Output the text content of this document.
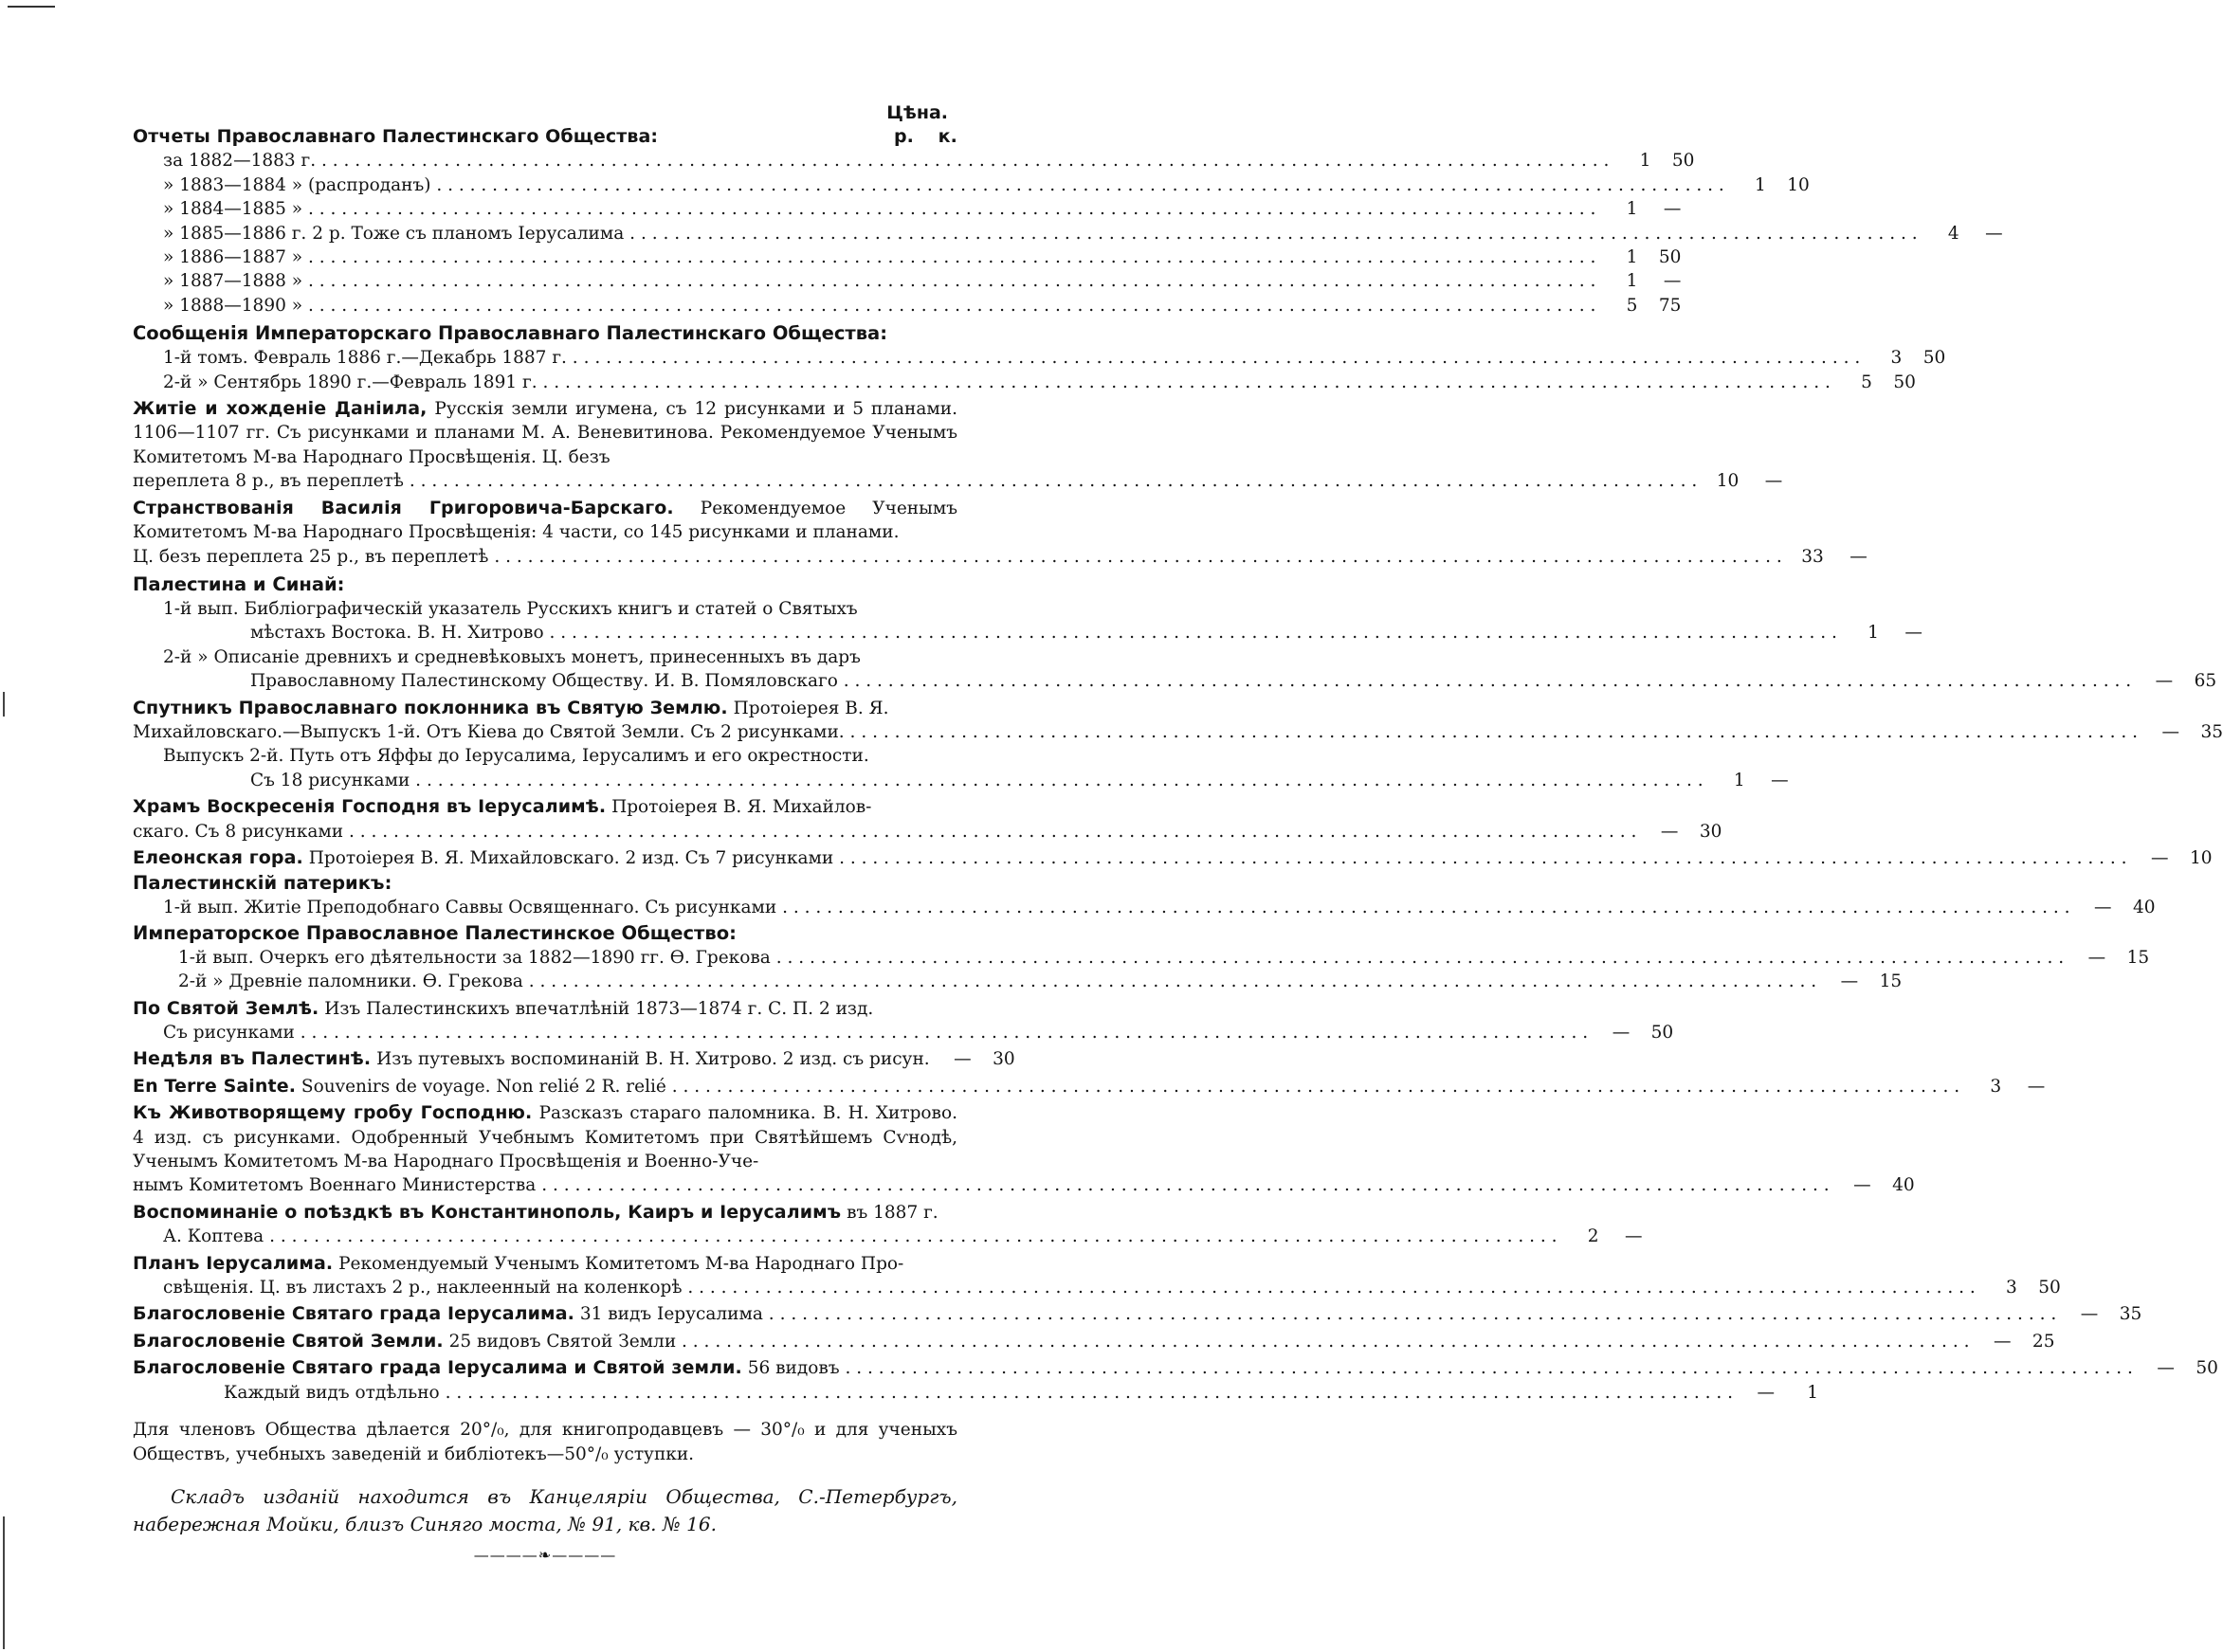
Цѣна.
Отчеты Православнаго Палестинскаго Общества:	р.	к.
за 1882—1883 г. . . .	1	50
» 1883—1884 » (распроданъ) . . .	1	10
» 1884—1885 » . . .	1	—
» 1885—1886 г. 2 р. Тоже съ планомъ Іерусалима . . .	4	—
» 1886—1887 » . . .	1	50
» 1887—1888 » . . .	1	—
» 1888—1890 » . . .	5	75
Сообщенія Императорскаго Православнаго Палестинскаго Общества:
1-й томъ. Февраль 1886 г.—Декабрь 1887 г. . . .	3	50
2-й » Сентябрь 1890 г.—Февраль 1891 г. . . .	5	50
Житіе и хожденіе Даніила, Русскія земли игумена, съ 12 рисунками и 5 планами. 1106—1107 гг. Съ рисунками и планами М. А. Веневитинова. Рекомендуемое Ученымъ Комитетомъ М-ва Народнаго Просвѣщенія. Ц. безъ
переплета 8 р., въ переплетѣ . . .	10	—
Странствованія Василія Григоровича-Барскаго. Рекомендуемое Ученымъ Комитетомъ М-ва Народнаго Просвѣщенія: 4 части, со 145 рисунками и планами.
Ц. безъ переплета 25 р., въ переплетѣ . . .	33	—
Палестина и Синай:
1-й вып. Библіографическій указатель Русскихъ книгъ и статей о Святыхъ
мѣстахъ Востока. В. Н. Хитрово . . .	1	—
2-й » Описаніе древнихъ и средневѣковыхъ монетъ, принесенныхъ въ даръ
Православному Палестинскому Обществу. И. В. Помяловскаго . . .	—	65
Спутникъ Православнаго поклонника въ Святую Землю. Протоіерея В. Я.
Михайловскаго.—Выпускъ 1-й. Отъ Кіева до Святой Земли. Съ 2 рисунками. . . .	—	35
Выпускъ 2-й. Путь отъ Яффы до Іерусалима, Іерусалимъ и его окрестности.
Съ 18 рисунками . . .	1	—
Храмъ Воскресенія Господня въ Іерусалимѣ. Протоіерея В. Я. Михайлов-
скаго. Съ 8 рисунками . . .	—	30
Елеонская гора. Протоіерея В. Я. Михайловскаго. 2 изд. Съ 7 рисунками . . .	—	10
Палестинскій патерикъ:
1-й вып. Житіе Преподобнаго Саввы Освященнаго. Съ рисунками . . .	—	40
Императорское Православное Палестинское Общество:
1-й вып. Очеркъ его дѣятельности за 1882—1890 гг. Ѳ. Грекова . . .	—	15
2-й » Древніе паломники. Ѳ. Грекова . . .	—	15
По Святой Землѣ. Изъ Палестинскихъ впечатлѣній 1873—1874 г. С. П. 2 изд.
Съ рисунками . . .	—	50
Недѣля въ Палестинѣ. Изъ путевыхъ воспоминаній В. Н. Хитрово. 2 изд. съ рисун.	—	30
En Terre Sainte. Souvenirs de voyage. Non relié 2 R. relié . . .	3	—
Къ Животворящему гробу Господню. Разсказъ стараго паломника. В. Н. Хитрово. 4 изд. съ рисунками. Одобренный Учебнымъ Комитетомъ при Святѣйшемъ Сѵнодѣ, Ученымъ Комитетомъ М-ва Народнаго Просвѣщенія и Военно-Уче-
нымъ Комитетомъ Военнаго Министерства . . .	—	40
Воспоминаніе о поѣздкѣ въ Константинополь, Каиръ и Іерусалимъ въ 1887 г.
А. Коптева . . .	2	—
Планъ Іерусалима. Рекомендуемый Ученымъ Комитетомъ М-ва Народнаго Про-
свѣщенія. Ц. въ листахъ 2 р., наклеенный на коленкорѣ . . .	3	50
Благословеніе Святаго града Іерусалима. 31 видъ Іерусалима . . .	—	35
Благословеніе Святой Земли. 25 видовъ Святой Земли . . .	—	25
Благословеніе Святаго града Іерусалима и Святой земли. 56 видовъ . . .	—	50
Каждый видъ отдѣльно . . .	—	1
Для членовъ Общества дѣлается 20°/₀, для книгопродавцевъ — 30°/₀ и для ученыхъ Обществъ, учебныхъ заведеній и библіотекъ—50°/₀ уступки.
Складъ изданій находится въ Канцеляріи Общества, С.-Петербургъ, набережная Мойки, близъ Синяго моста, № 91, кв. № 16.
————❧————
